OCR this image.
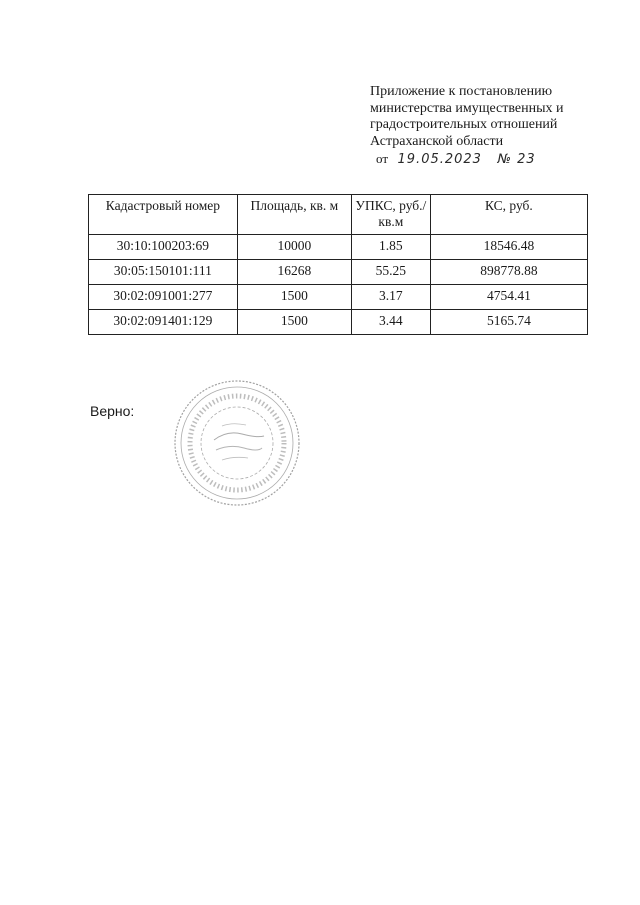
Приложение к постановлению
министерства имущественных и
градостроительных отношений
Астраханской области
от 19.05.2023 № 23
Кадастровый номер	Площадь, кв. м	УПКС, руб./кв.м	КС, руб.
30:10:100203:69	10000	1.85	18546.48
30:05:150101:111	16268	55.25	898778.88
30:02:091001:277	1500	3.17	4754.41
30:02:091401:129	1500	3.44	5165.74
Верно:
